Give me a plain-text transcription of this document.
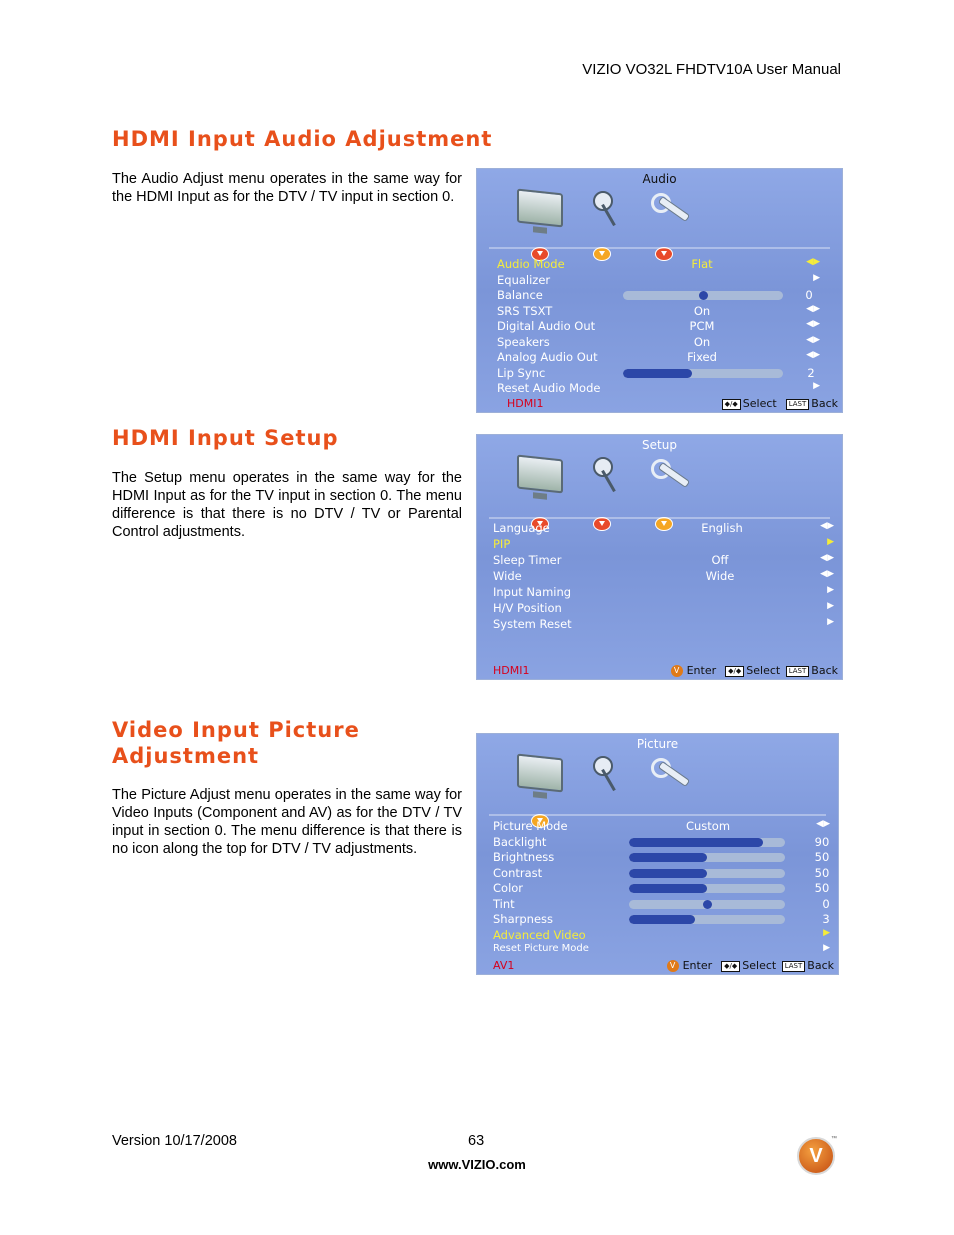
VIZIO VO32L FHDTV10A User Manual
HDMI Input Audio Adjustment
The Audio Adjust menu operates in the same way for the HDMI Input as for the DTV / TV input in section 0.
Audio
Audio Mode	Flat	◀▶
Equalizer	▶
Balance	0
SRS TSXT	On	◀▶
Digital Audio Out	PCM	◀▶
Speakers	On	◀▶
Analog Audio Out	Fixed	◀▶
Lip Sync	2
Reset Audio Mode	▶
HDMI1	◆/◆ Select LAST Back
HDMI Input Setup
The Setup menu operates in the same way for the HDMI Input as for the TV input in section 0. The menu difference is that there is no DTV / TV or Parental Control adjustments.
Setup
Language	English	◀▶
PIP	▶
Sleep Timer	Off	◀▶
Wide	Wide	◀▶
Input Naming	▶
H/V Position	▶
System Reset	▶
HDMI1	V Enter ◆/◆ Select LAST Back
Video Input Picture Adjustment
The Picture Adjust menu operates in the same way for Video Inputs (Component and AV) as for the DTV / TV input in section 0. The menu difference is that there is no icon along the top for DTV / TV adjustments.
Picture
Picture Mode	Custom	◀▶
Backlight	90
Brightness	50
Contrast	50
Color	50
Tint	0
Sharpness	3
Advanced Video	▶
Reset Picture Mode	▶
AV1	V Enter ◆/◆ Select LAST Back
Version 10/17/2008	63
www.VIZIO.com	V
™
